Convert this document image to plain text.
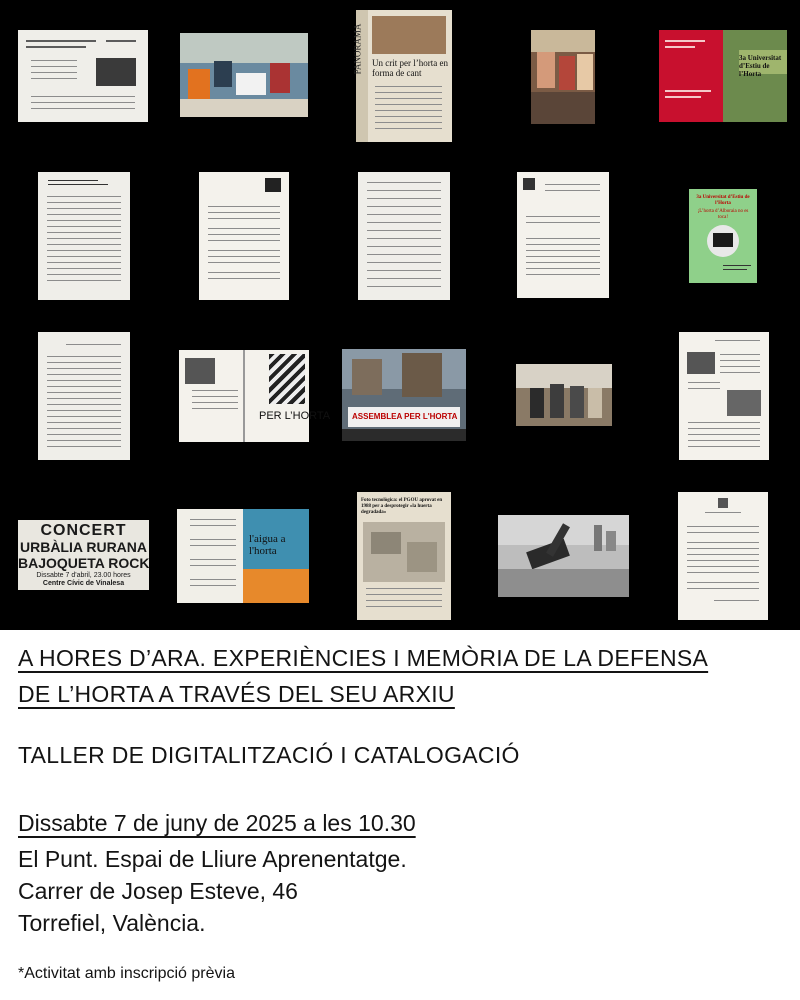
PANORAMA Un crit per l’horta en forma de cant
3a Universitat d’Estiu de l’Horta
3a Universitat d’Estiu de l’Horta
¡L’horta d’Alboraia no es toca!
PER L’HORTA	ASSEMBLEA PER L'HORTA
CONCERT
URBÀLIA RURANA
BAJOQUETA ROCK
Dissabte 7 d'abril, 23.00 hores
Centre Cívic de Vinalesa
l'aigua a l'horta
Foto tecnològica: el PGOU aprovat en 1988 per a desprotegir «la huerta degradada»
A HORES D’ARA. EXPERIÈNCIES I MEMÒRIA DE LA DEFENSA
DE L’HORTA A TRAVÉS DEL SEU ARXIU
TALLER DE DIGITALITZACIÓ I CATALOGACIÓ
Dissabte 7 de juny de 2025 a les 10.30
El Punt. Espai de Lliure Aprenentatge.
Carrer de Josep Esteve, 46
Torrefiel, València.
*Activitat amb inscripció prèvia
